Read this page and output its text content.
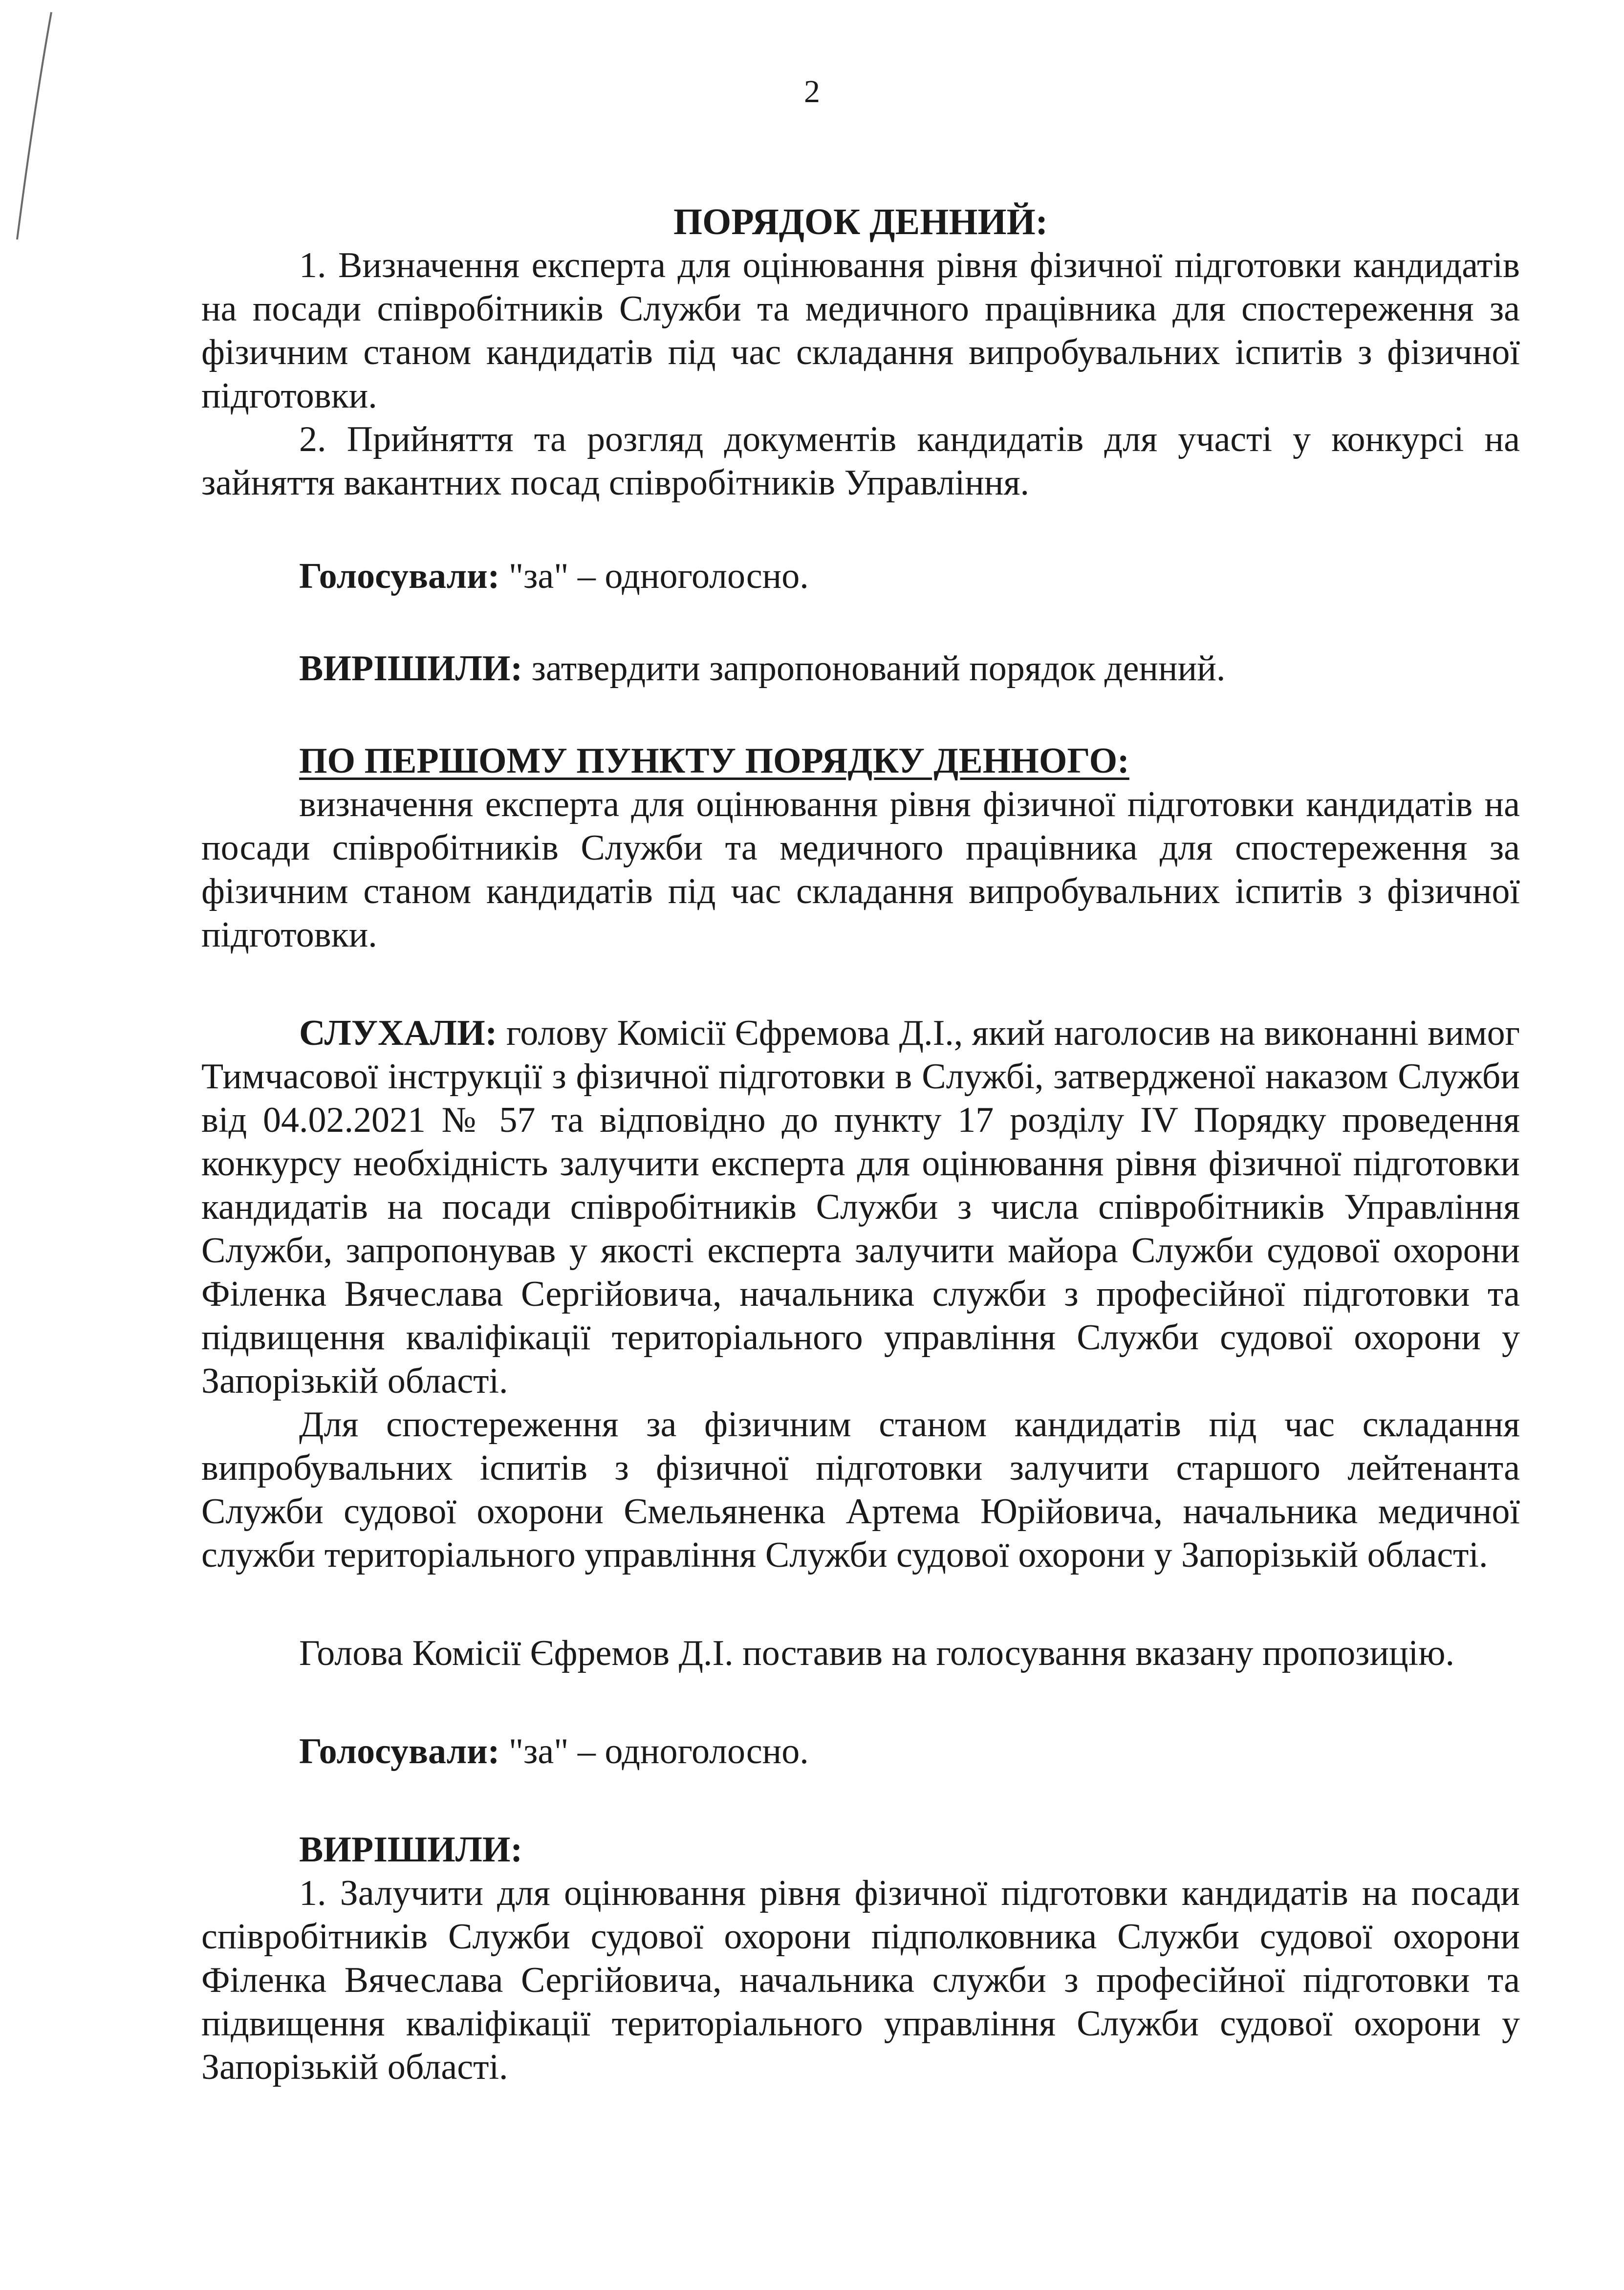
2

ПОРЯДОК ДЕННИЙ:

1. Визначення експерта для оцінювання рівня фізичної підготовки кандидатів на посади співробітників Служби та медичного працівника для спостереження за фізичним станом кандидатів під час складання випробувальних іспитів з фізичної підготовки.

2. Прийняття та розгляд документів кандидатів для участі у конкурсі на зайняття вакантних посад співробітників Управління.

Голосували: "за" – одноголосно.

ВИРІШИЛИ: затвердити запропонований порядок денний.

ПО ПЕРШОМУ ПУНКТУ ПОРЯДКУ ДЕННОГО:

визначення експерта для оцінювання рівня фізичної підготовки кандидатів на посади співробітників Служби та медичного працівника для спостереження за фізичним станом кандидатів під час складання випробувальних іспитів з фізичної підготовки.

СЛУХАЛИ: голову Комісії Єфремова Д.І., який наголосив на виконанні вимог Тимчасової інструкції з фізичної підготовки в Службі, затвердженої наказом Служби від 04.02.2021 № 57 та відповідно до пункту 17 розділу IV Порядку проведення конкурсу необхідність залучити експерта для оцінювання рівня фізичної підготовки кандидатів на посади співробітників Служби з числа співробітників Управління Служби, запропонував у якості експерта залучити майора Служби судової охорони Філенка Вячеслава Сергійовича, начальника служби з професійної підготовки та підвищення кваліфікації територіального управління Служби судової охорони у Запорізькій області.

Для спостереження за фізичним станом кандидатів під час складання випробувальних іспитів з фізичної підготовки залучити старшого лейтенанта Служби судової охорони Ємельяненка Артема Юрійовича, начальника медичної служби територіального управління Служби судової охорони у Запорізькій області.

Голова Комісії Єфремов Д.І. поставив на голосування вказану пропозицію.

Голосували: "за" – одноголосно.

ВИРІШИЛИ:

1. Залучити для оцінювання рівня фізичної підготовки кандидатів на посади співробітників Служби судової охорони підполковника Служби судової охорони Філенка Вячеслава Сергійовича, начальника служби з професійної підготовки та підвищення кваліфікації територіального управління Служби судової охорони у Запорізькій області.
